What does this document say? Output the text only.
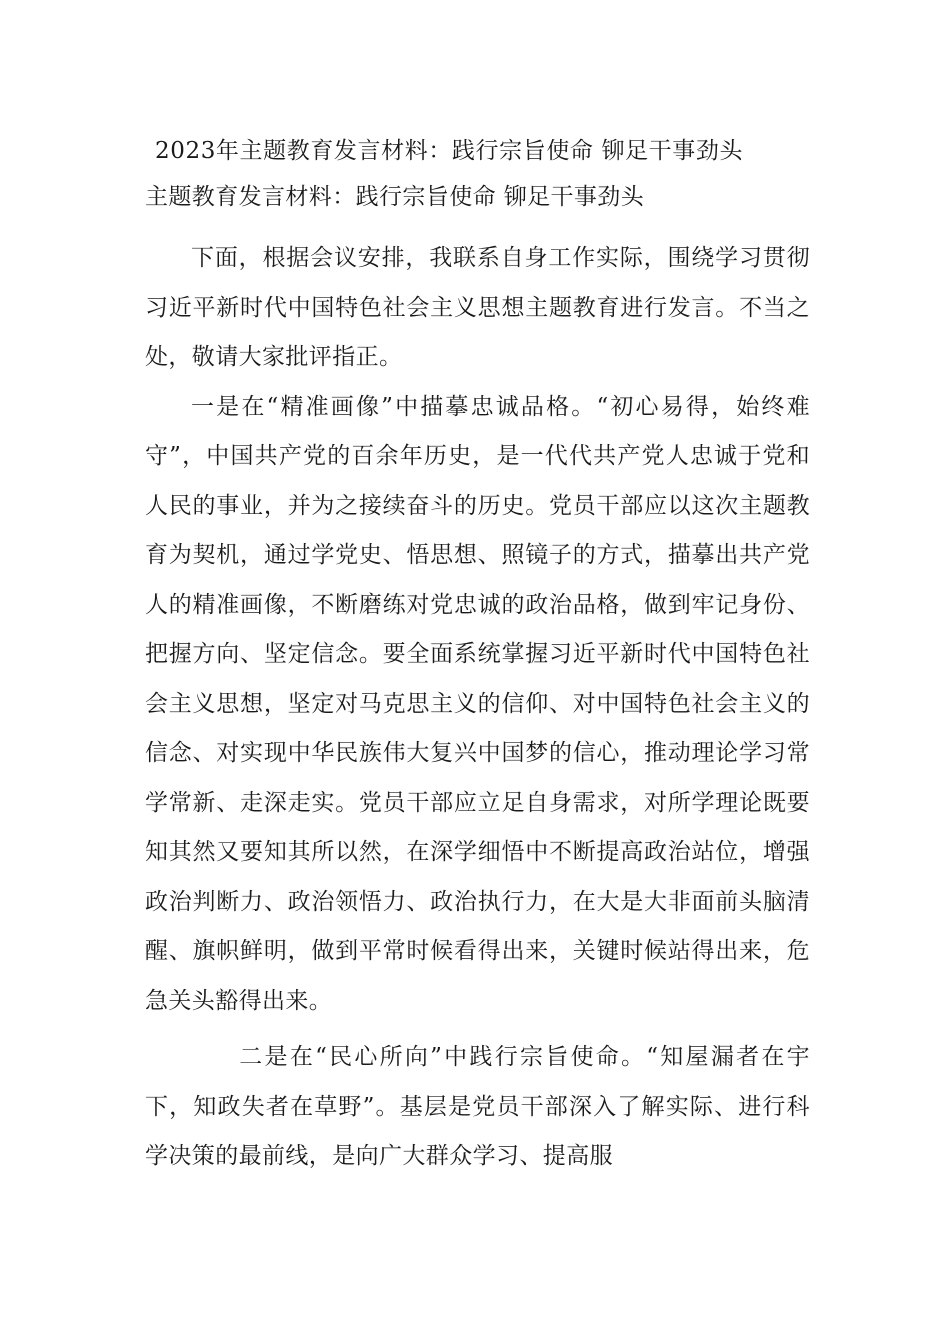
2023年主题教育发言材料：践行宗旨使命 铆足干事劲头
主题教育发言材料：践行宗旨使命 铆足干事劲头

下面，根据会议安排，我联系自身工作实际，围绕学习贯彻习近平新时代中国特色社会主义思想主题教育进行发言。不当之处，敬请大家批评指正。

一是在“精准画像”中描摹忠诚品格。“初心易得，始终难守”，中国共产党的百余年历史，是一代代共产党人忠诚于党和人民的事业，并为之接续奋斗的历史。党员干部应以这次主题教育为契机，通过学党史、悟思想、照镜子的方式，描摹出共产党人的精准画像，不断磨练对党忠诚的政治品格，做到牢记身份、把握方向、坚定信念。要全面系统掌握习近平新时代中国特色社会主义思想，坚定对马克思主义的信仰、对中国特色社会主义的信念、对实现中华民族伟大复兴中国梦的信心，推动理论学习常学常新、走深走实。党员干部应立足自身需求，对所学理论既要知其然又要知其所以然，在深学细悟中不断提高政治站位，增强政治判断力、政治领悟力、政治执行力，在大是大非面前头脑清醒、旗帜鲜明，做到平常时候看得出来，关键时候站得出来，危急关头豁得出来。

二是在“民心所向”中践行宗旨使命。“知屋漏者在宇下，知政失者在草野”。基层是党员干部深入了解实际、进行科学决策的最前线，是向广大群众学习、提高服
